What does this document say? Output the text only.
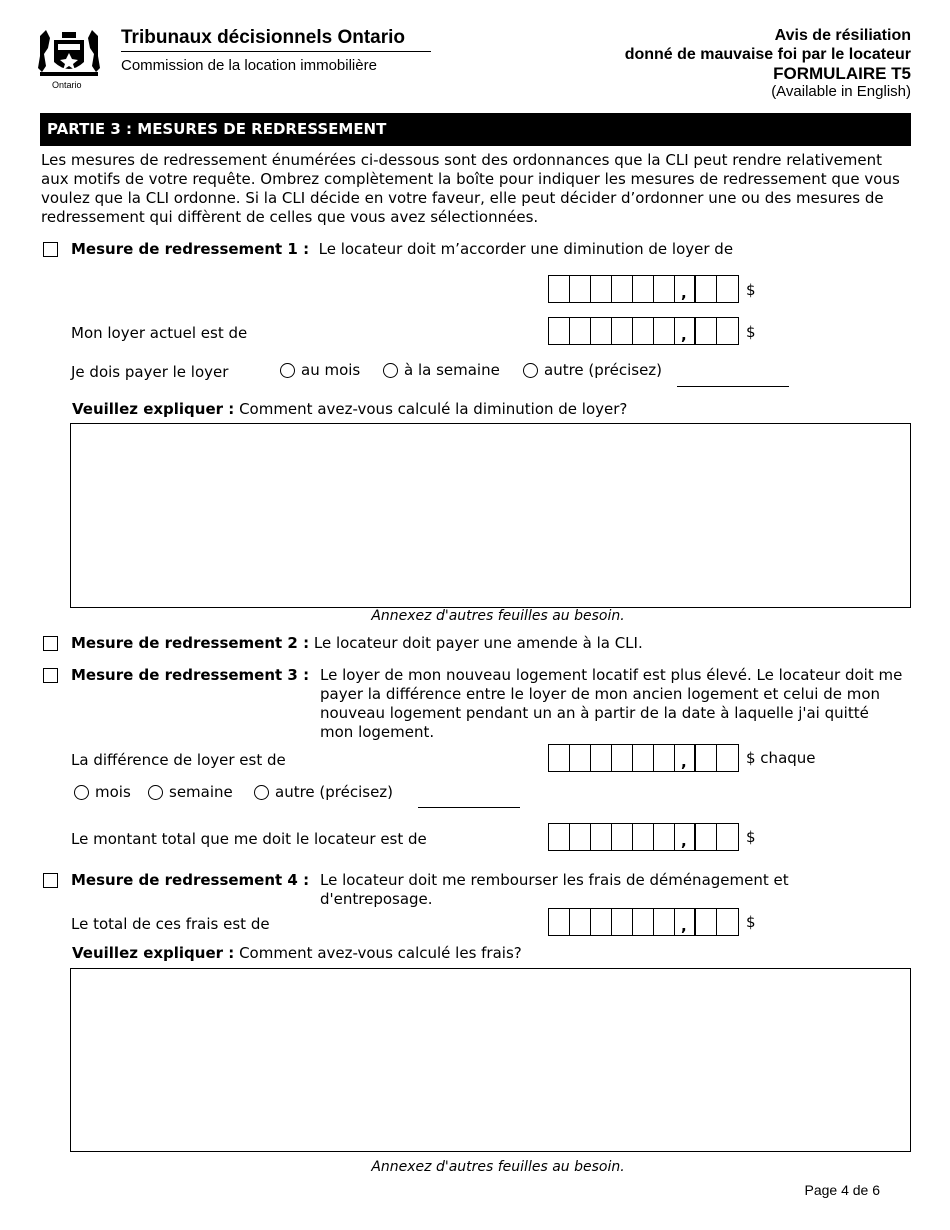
Ontario
Tribunaux décisionnels Ontario
Commission de la location immobilière
Avis de résiliation
donné de mauvaise foi par le locateur
FORMULAIRE T5
(Available in English)
PARTIE 3 : MESURES DE REDRESSEMENT
Les mesures de redressement énumérées ci-dessous sont des ordonnances que la CLI peut rendre relativement aux motifs de votre requête. Ombrez complètement la boîte pour indiquer les mesures de redressement que vous voulez que la CLI ordonne. Si la CLI décide en votre faveur, elle peut décider d’ordonner une ou des mesures de redressement qui diffèrent de celles que vous avez sélectionnées.
Mesure de redressement 1 : Le locateur doit m’accorder une diminution de loyer de
,
$
Mon loyer actuel est de ,	$
Je dois payer le loyer	au mois	à la semaine	autre (précisez)
Veuillez expliquer : Comment avez-vous calculé la diminution de loyer?
Annexez d'autres feuilles au besoin.
Mesure de redressement 2 : Le locateur doit payer une amende à la CLI.
Mesure de redressement 3 : Le loyer de mon nouveau logement locatif est plus élevé. Le locateur doit me payer la différence entre le loyer de mon ancien logement et celui de mon nouveau logement pendant un an à partir de la date à laquelle j'ai quitté mon logement.
La différence de loyer est de ,	$ chaque
mois	semaine	autre (précisez)
Le montant total que me doit le locateur est de ,	$
Mesure de redressement 4 : Le locateur doit me rembourser les frais de déménagement et d'entreposage.
Le total de ces frais est de ,	$
Veuillez expliquer : Comment avez-vous calculé les frais?
Annexez d'autres feuilles au besoin.
Page 4 de 6
